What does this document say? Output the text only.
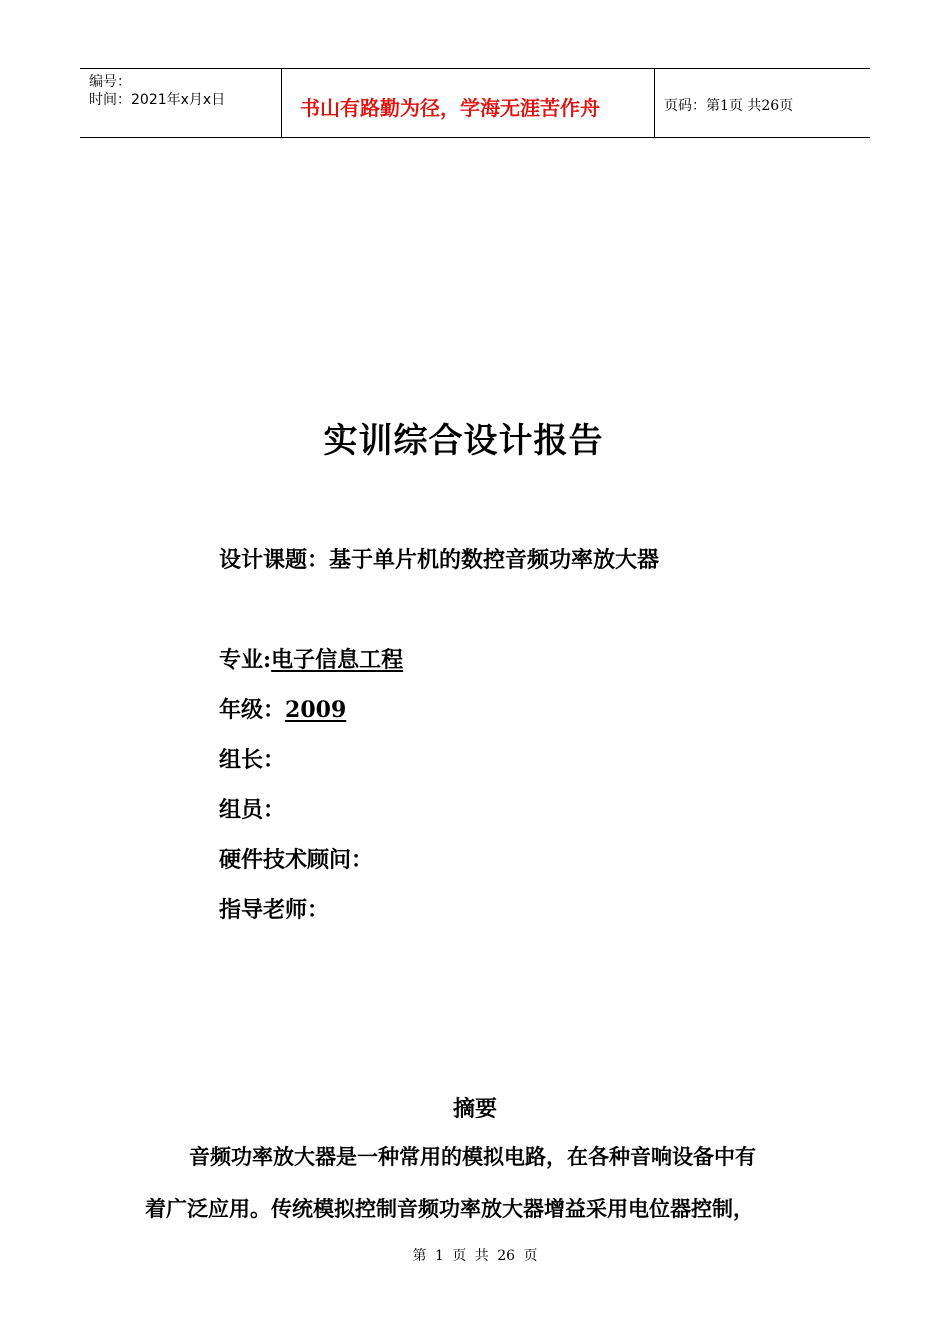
编号：
时间：2021年x月x日	书山有路勤为径，学海无涯苦作舟	页码：第1页 共26页
实训综合设计报告
设计课题：基于单片机的数控音频功率放大器
专业:电子信息工程
年级：2009
组长：
组员：
硬件技术顾问：
指导老师：
摘要
音频功率放大器是一种常用的模拟电路，在各种音响设备中有
着广泛应用。传统模拟控制音频功率放大器增益采用电位器控制，
第 1 页 共 26 页
